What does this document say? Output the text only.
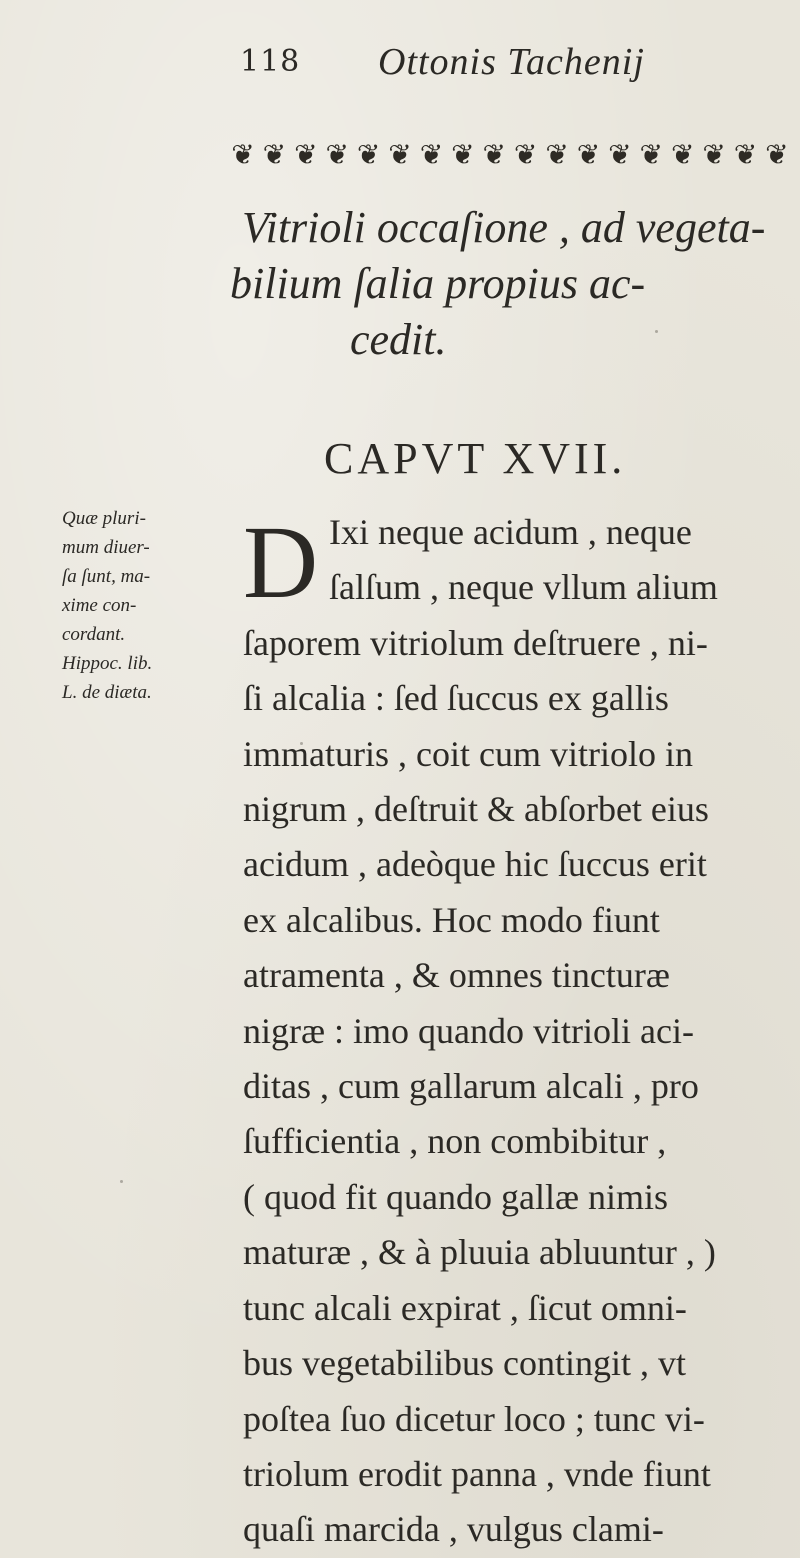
118 Ottonis Tachenij
❦ ❦ ❦ ❦ ❦ ❦ ❦ ❦ ❦ ❦ ❦ ❦ ❦ ❦ ❦ ❦ ❦ ❦
Vitrioli occaſione , ad vegeta-
bilium ſalia propius ac-
cedit.
CAPVT XVII.
Quæ pluri-
mum diuer-
ſa ſunt, ma-
xime con-
cordant.
Hippoc. lib.
L. de diæta.
D Ixi neque acidum , neque
ſalſum , neque vllum alium
ſaporem vitriolum deſtruere , ni-
ſi alcalia : ſed ſuccus ex gallis
immaturis , coit cum vitriolo in
nigrum , deſtruit & abſorbet eius
acidum , adeòque hic ſuccus erit
ex alcalibus. Hoc modo fiunt
atramenta , & omnes tincturæ
nigræ : imo quando vitrioli aci-
ditas , cum gallarum alcali , pro
ſufficientia , non combibitur ,
( quod fit quando gallæ nimis
maturæ , & à pluuia abluuntur , )
tunc alcali expirat , ſicut omni-
bus vegetabilibus contingit , vt
poſtea ſuo dicetur loco ; tunc vi-
triolum erodit panna , vnde fiunt
quaſi marcida , vulgus clami-
